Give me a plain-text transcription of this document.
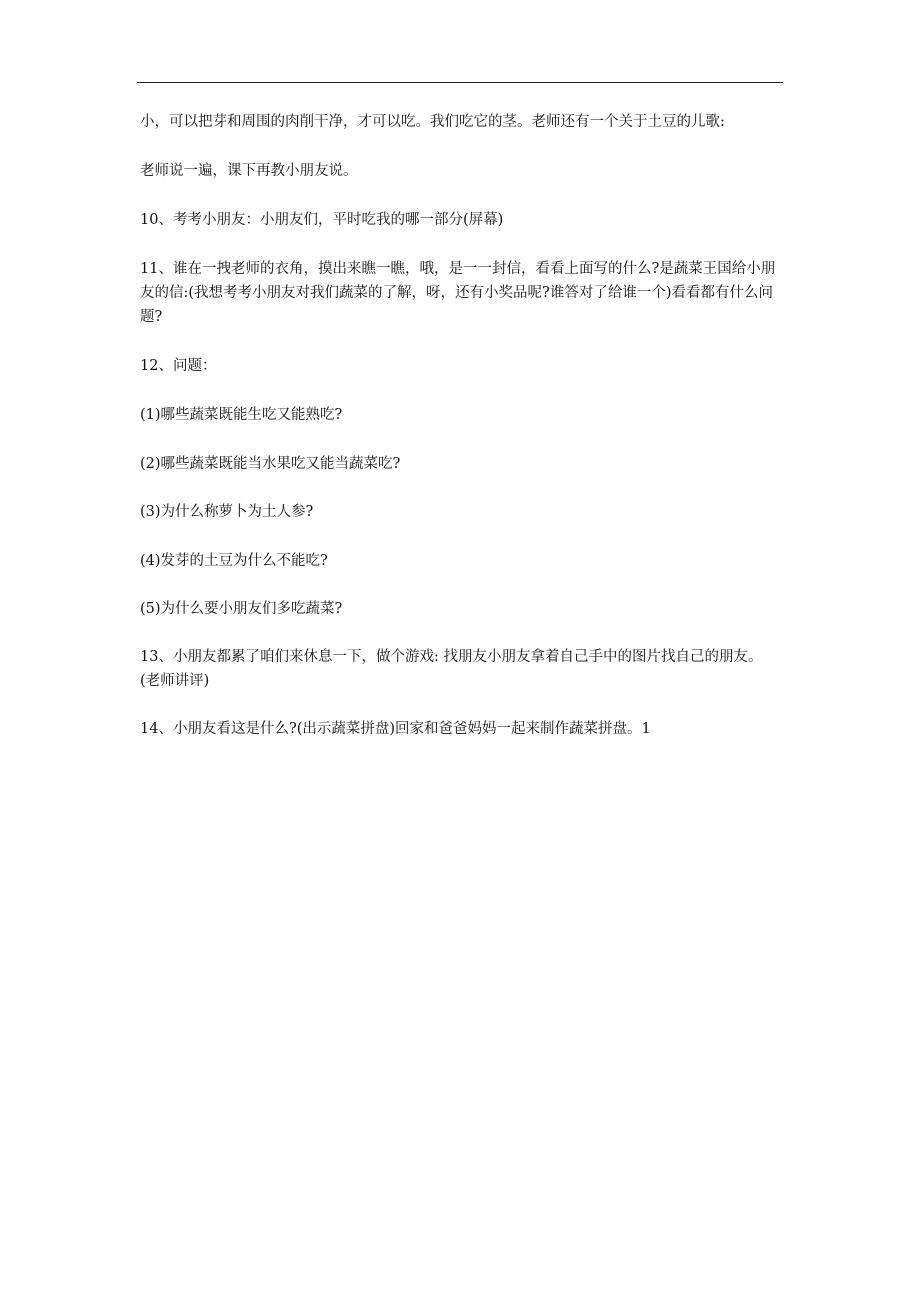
小，可以把芽和周围的肉削干净，才可以吃。我们吃它的茎。老师还有一个关于土豆的儿歌:

老师说一遍，课下再教小朋友说。

10、考考小朋友：小朋友们，平时吃我的哪一部分(屏幕)

11、谁在一拽老师的衣角，摸出来瞧一瞧，哦，是一一封信，看看上面写的什么?是蔬菜王国给小朋友的信:(我想考考小朋友对我们蔬菜的了解，呀，还有小奖品呢?谁答对了给谁一个)看看都有什么问题?

12、问题：

(1)哪些蔬菜既能生吃又能熟吃?

(2)哪些蔬菜既能当水果吃又能当蔬菜吃?

(3)为什么称萝卜为土人参?

(4)发芽的土豆为什么不能吃?

(5)为什么要小朋友们多吃蔬菜?

13、小朋友都累了咱们来休息一下，做个游戏: 找朋友小朋友拿着自己手中的图片找自己的朋友。(老师讲评)

14、小朋友看这是什么?(出示蔬菜拼盘)回家和爸爸妈妈一起来制作蔬菜拼盘。1
